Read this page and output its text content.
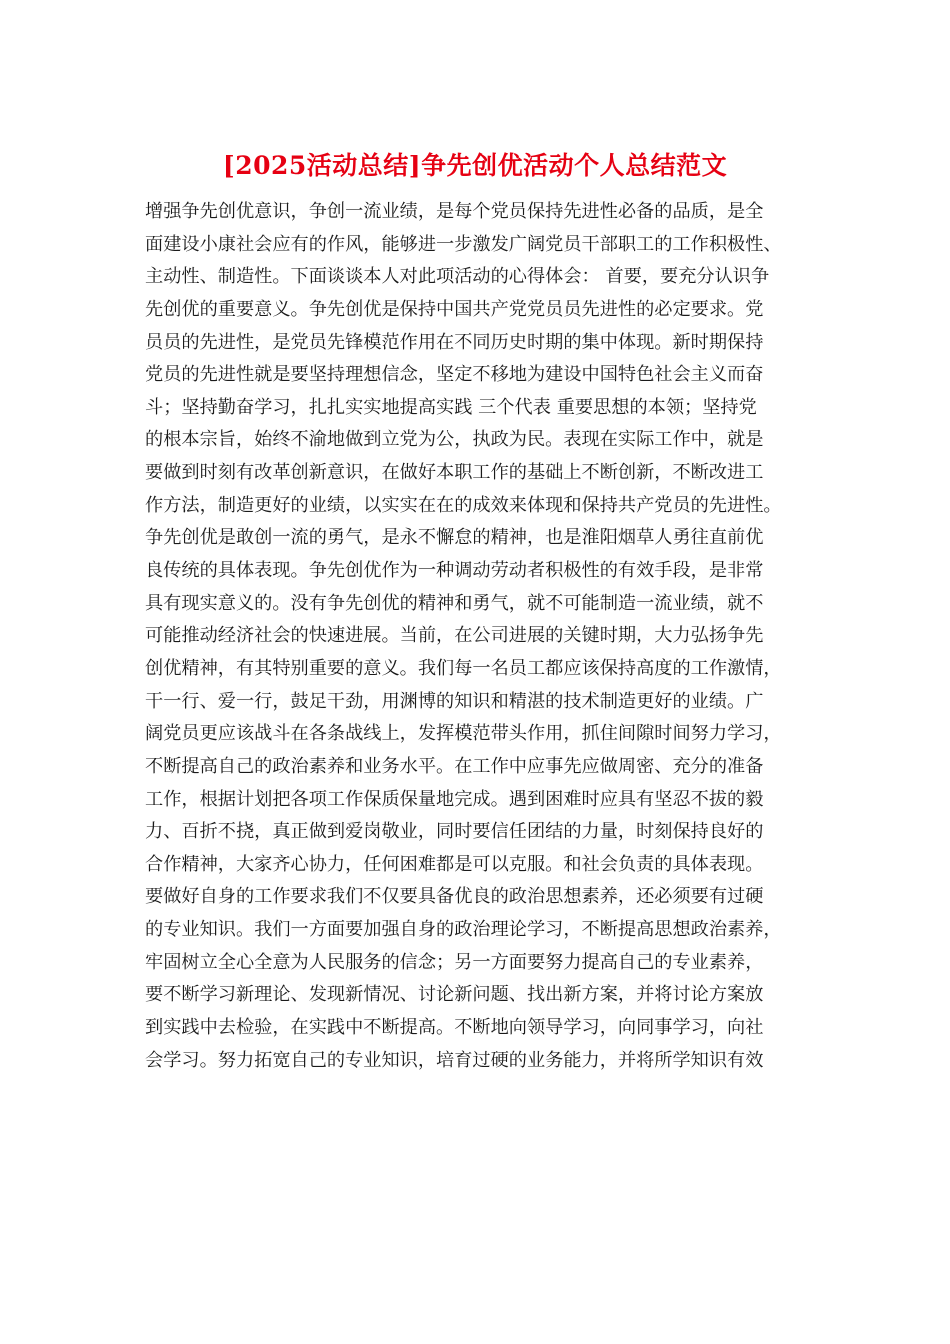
[2025活动总结]争先创优活动个人总结范文
增强争先创优意识，争创一流业绩，是每个党员保持先进性必备的品质，是全
面建设小康社会应有的作风，能够进一步激发广阔党员干部职工的工作积极性、
主动性、制造性。下面谈谈本人对此项活动的心得体会： 首要，要充分认识争
先创优的重要意义。争先创优是保持中国共产党党员员先进性的必定要求。党
员员的先进性，是党员先锋模范作用在不同历史时期的集中体现。新时期保持
党员的先进性就是要坚持理想信念，坚定不移地为建设中国特色社会主义而奋
斗；坚持勤奋学习，扎扎实实地提高实践 三个代表 重要思想的本领；坚持党
的根本宗旨，始终不渝地做到立党为公，执政为民。表现在实际工作中，就是
要做到时刻有改革创新意识，在做好本职工作的基础上不断创新，不断改进工
作方法，制造更好的业绩，以实实在在的成效来体现和保持共产党员的先进性。
争先创优是敢创一流的勇气，是永不懈怠的精神，也是淮阳烟草人勇往直前优
良传统的具体表现。争先创优作为一种调动劳动者积极性的有效手段，是非常
具有现实意义的。没有争先创优的精神和勇气，就不可能制造一流业绩，就不
可能推动经济社会的快速进展。当前，在公司进展的关键时期，大力弘扬争先
创优精神，有其特别重要的意义。我们每一名员工都应该保持高度的工作激情，
干一行、爱一行，鼓足干劲，用渊博的知识和精湛的技术制造更好的业绩。广
阔党员更应该战斗在各条战线上，发挥模范带头作用，抓住间隙时间努力学习，
不断提高自己的政治素养和业务水平。在工作中应事先应做周密、充分的准备
工作，根据计划把各项工作保质保量地完成。遇到困难时应具有坚忍不拔的毅
力、百折不挠，真正做到爱岗敬业，同时要信任团结的力量，时刻保持良好的
合作精神，大家齐心协力，任何困难都是可以克服。和社会负责的具体表现。
要做好自身的工作要求我们不仅要具备优良的政治思想素养，还必须要有过硬
的专业知识。我们一方面要加强自身的政治理论学习，不断提高思想政治素养，
牢固树立全心全意为人民服务的信念；另一方面要努力提高自己的专业素养，
要不断学习新理论、发现新情况、讨论新问题、找出新方案，并将讨论方案放
到实践中去检验，在实践中不断提高。不断地向领导学习，向同事学习，向社
会学习。努力拓宽自己的专业知识，培育过硬的业务能力，并将所学知识有效
